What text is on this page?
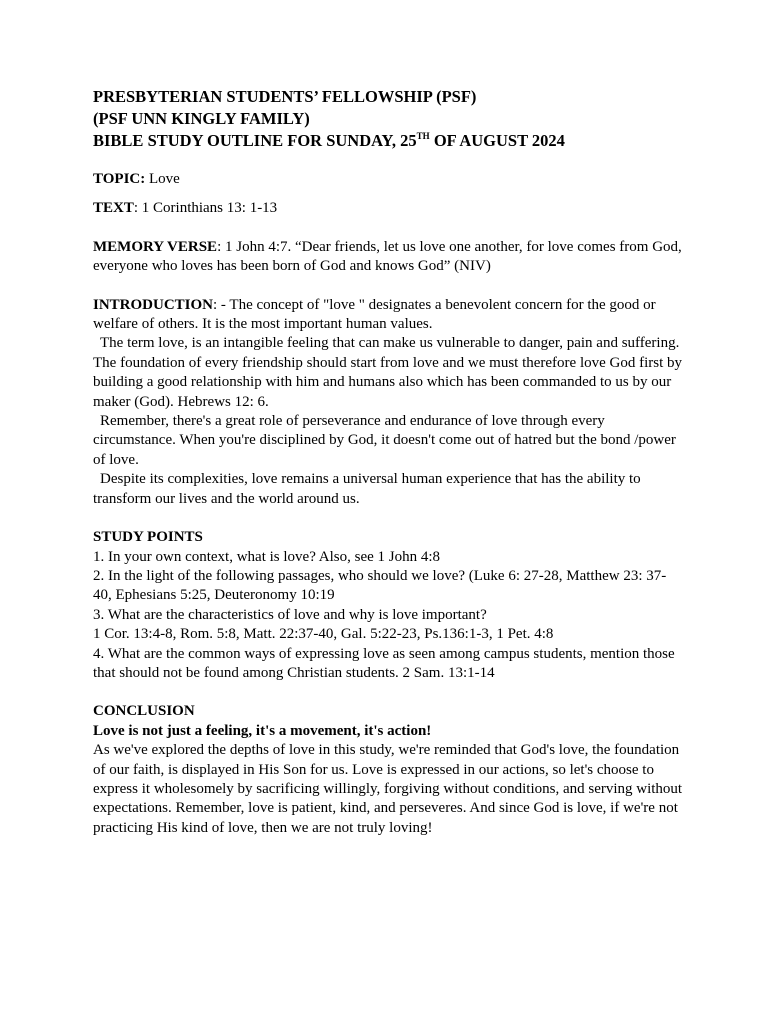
PRESBYTERIAN STUDENTS’ FELLOWSHIP (PSF)

(PSF UNN KINGLY FAMILY)

BIBLE STUDY OUTLINE FOR SUNDAY, 25TH OF AUGUST 2024

TOPIC: Love

TEXT: 1 Corinthians 13: 1-13

MEMORY VERSE: 1 John 4:7. “Dear friends, let us love one another, for love comes from God, everyone who loves has been born of God and knows God” (NIV)

INTRODUCTION: - The concept of "love " designates a benevolent concern for the good or welfare of others. It is the most important human values.

The term love, is an intangible feeling that can make us vulnerable to danger, pain and suffering. The foundation of every friendship should start from love and we must therefore love God first by building a good relationship with him and humans also which has been commanded to us by our maker (God). Hebrews 12: 6.

Remember, there's a great role of perseverance and endurance of love through every circumstance. When you're disciplined by God, it doesn't come out of hatred but the bond /power of love.

Despite its complexities, love remains a universal human experience that has the ability to transform our lives and the world around us.

STUDY POINTS

1. In your own context, what is love? Also, see 1 John 4:8

2. In the light of the following passages, who should we love? (Luke 6: 27-28, Matthew 23: 37-40, Ephesians 5:25, Deuteronomy 10:19

3. What are the characteristics of love and why is love important?

1 Cor. 13:4-8, Rom. 5:8, Matt. 22:37-40, Gal. 5:22-23, Ps.136:1-3, 1 Pet. 4:8

4. What are the common ways of expressing love as seen among campus students, mention those that should not be found among Christian students. 2 Sam. 13:1-14

CONCLUSION

Love is not just a feeling, it's a movement, it's action!

As we've explored the depths of love in this study, we're reminded that God's love, the foundation of our faith, is displayed in His Son for us. Love is expressed in our actions, so let's choose to express it wholesomely by sacrificing willingly, forgiving without conditions, and serving without expectations. Remember, love is patient, kind, and perseveres. And since God is love, if we're not practicing His kind of love, then we are not truly loving!
